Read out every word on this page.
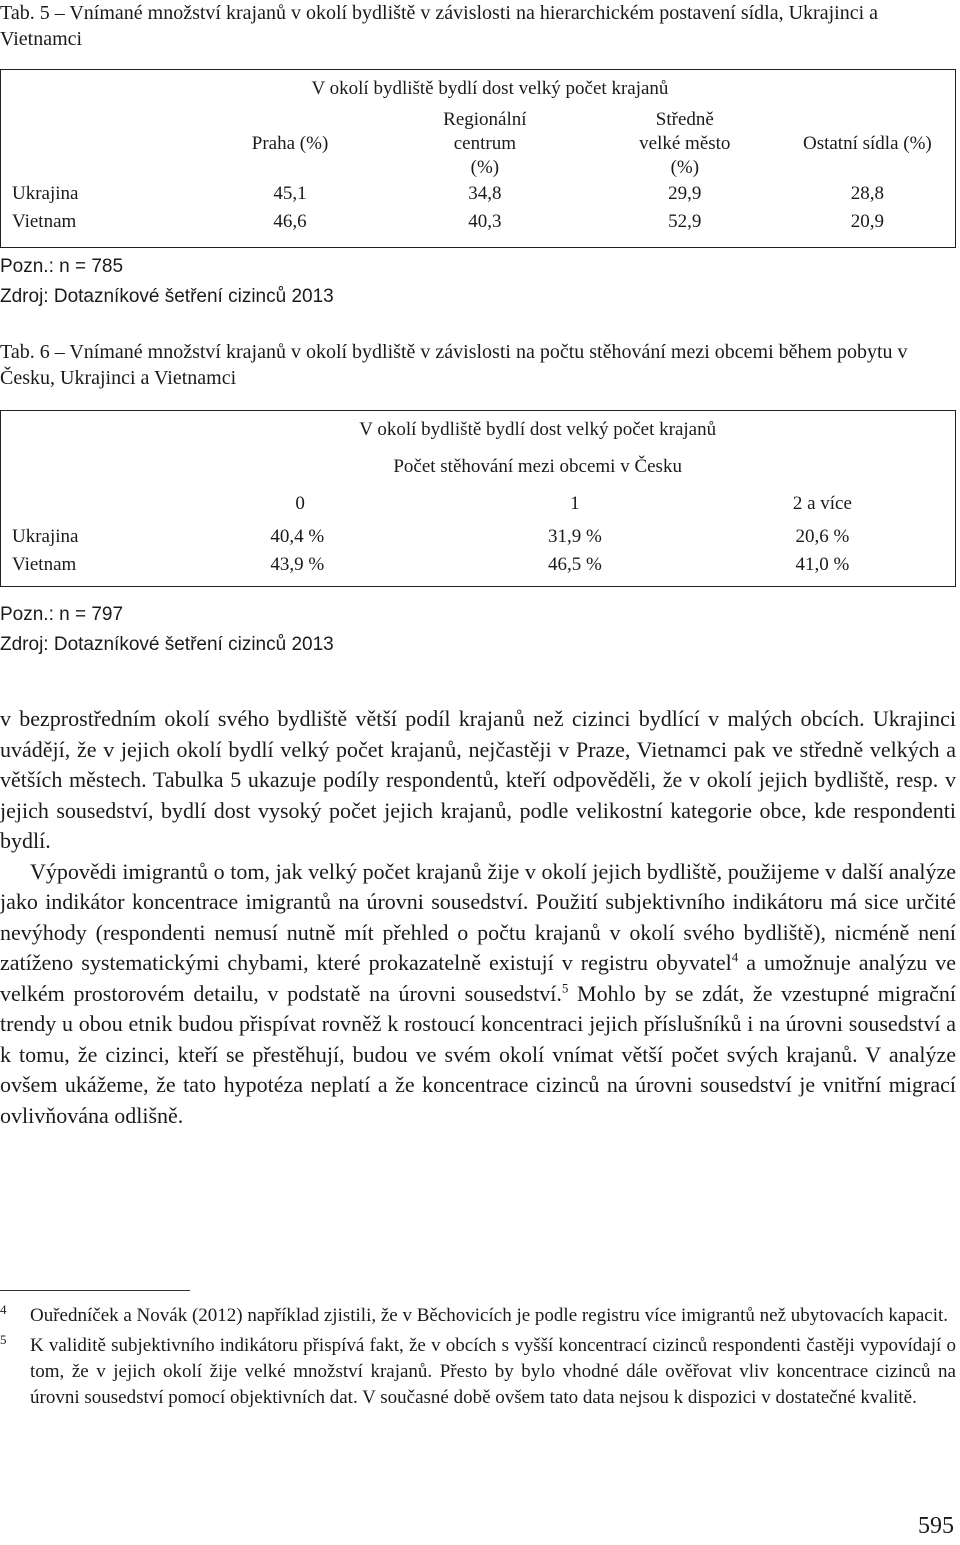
Tab. 5 – Vnímané množství krajanů v okolí bydliště v závislosti na hierarchickém postavení sídla, Ukrajinci a Vietnamci

	V okolí bydliště bydlí dost velký počet krajanů			
	Praha (%)	Regionální centrum (%)	Středně velké město (%)	Ostatní sídla (%)
Ukrajina	45,1	34,8	29,9	28,8
Vietnam	46,6	40,3	52,9	20,9
Pozn.: n = 785
Zdroj: Dotazníkové šetření cizinců 2013

Tab. 6 – Vnímané množství krajanů v okolí bydliště v závislosti na počtu stěhování mezi obcemi během pobytu v Česku, Ukrajinci a Vietnamci

	V okolí bydliště bydlí dost velký počet krajanů		
	Počet stěhování mezi obcemi v Česku		
	0	1	2 a více
Ukrajina	40,4 %	31,9 %	20,6 %
Vietnam	43,9 %	46,5 %	41,0 %
Pozn.: n = 797
Zdroj: Dotazníkové šetření cizinců 2013

v bezprostředním okolí svého bydliště větší podíl krajanů než cizinci bydlící v malých obcích. Ukrajinci uvádějí, že v jejich okolí bydlí velký počet krajanů, nejčastěji v Praze, Vietnamci pak ve středně velkých a větších městech. Tabulka 5 ukazuje podíly respondentů, kteří odpověděli, že v okolí jejich bydliště, resp. v jejich sousedství, bydlí dost vysoký počet jejich krajanů, podle velikostní kategorie obce, kde respondenti bydlí.

Výpovědi imigrantů o tom, jak velký počet krajanů žije v okolí jejich bydliště, použijeme v další analýze jako indikátor koncentrace imigrantů na úrovni sousedství. Použití subjektivního indikátoru má sice určité nevýhody (respondenti nemusí nutně mít přehled o počtu krajanů v okolí svého bydliště), nicméně není zatíženo systematickými chybami, které prokazatelně existují v registru obyvatel$^4$ a umožnuje analýzu ve velkém prostorovém detailu, v podstatě na úrovni sousedství.$^5$ Mohlo by se zdát, že vzestupné migrační trendy u obou etnik budou přispívat rovněž k rostoucí koncentraci jejich příslušníků i na úrovni sousedství a k tomu, že cizinci, kteří se přestěhují, budou ve svém okolí vnímat větší počet svých krajanů. V analýze ovšem ukážeme, že tato hypotéza neplatí a že koncentrace cizinců na úrovni sousedství je vnitřní migrací ovlivňována odlišně.

4 Ouředníček a Novák (2012) například zjistili, že v Běchovicích je podle registru více imigrantů než ubytovacích kapacit.
5 K validitě subjektivního indikátoru přispívá fakt, že v obcích s vyšší koncentrací cizinců respondenti častěji vypovídají o tom, že v jejich okolí žije velké množství krajanů. Přesto by bylo vhodné dále ověřovat vliv koncentrace cizinců na úrovni sousedství pomocí objektivních dat. V současné době ovšem tato data nejsou k dispozici v dostatečné kvalitě.
595
